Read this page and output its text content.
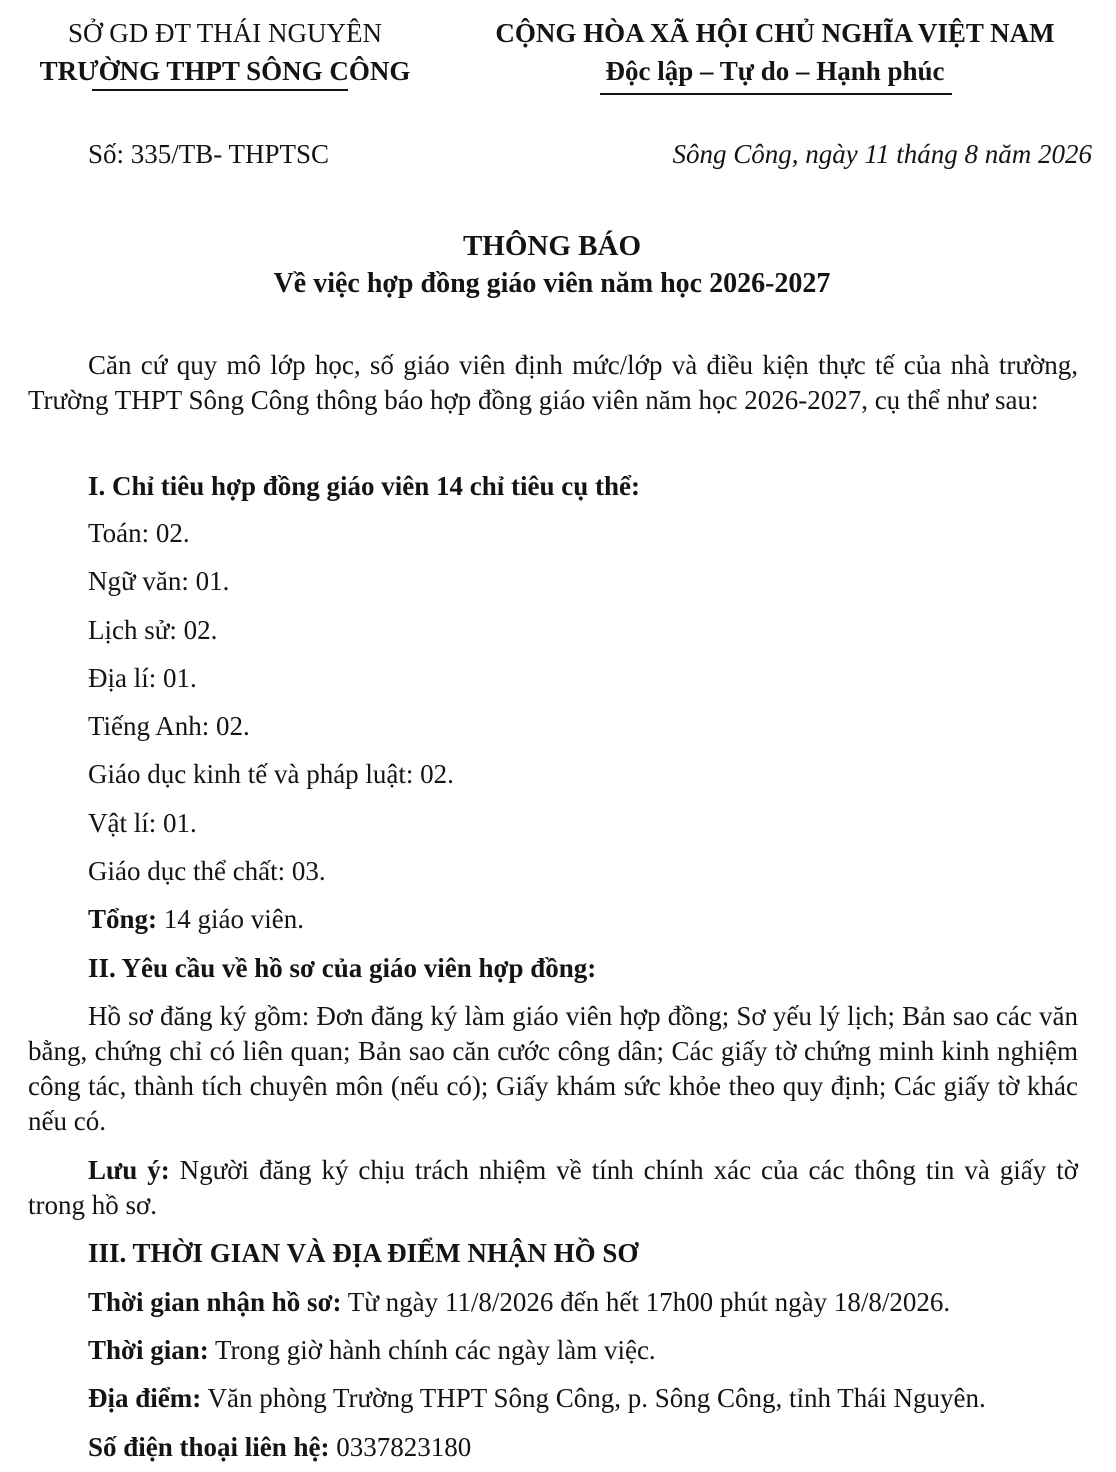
SỞ GD ĐT THÁI NGUYÊN
TRƯỜNG THPT SÔNG CÔNG
CỘNG HÒA XÃ HỘI CHỦ NGHĨA VIỆT NAM
Độc lập – Tự do – Hạnh phúc
Số: 335/TB- THPTSC	Sông Công, ngày 11 tháng 8 năm 2026
THÔNG BÁO
Về việc hợp đồng giáo viên năm học 2026-2027
Căn cứ quy mô lớp học, số giáo viên định mức/lớp và điều kiện thực tế của nhà trường, Trường THPT Sông Công thông báo hợp đồng giáo viên năm học 2026-2027, cụ thể như sau:
I. Chỉ tiêu hợp đồng giáo viên 14 chỉ tiêu cụ thể:
Toán: 02.
Ngữ văn: 01.
Lịch sử: 02.
Địa lí: 01.
Tiếng Anh: 02.
Giáo dục kinh tế và pháp luật: 02.
Vật lí: 01.
Giáo dục thể chất: 03.
Tổng: 14 giáo viên.
II. Yêu cầu về hồ sơ của giáo viên hợp đồng:
Hồ sơ đăng ký gồm: Đơn đăng ký làm giáo viên hợp đồng; Sơ yếu lý lịch; Bản sao các văn bằng, chứng chỉ có liên quan; Bản sao căn cước công dân; Các giấy tờ chứng minh kinh nghiệm công tác, thành tích chuyên môn (nếu có); Giấy khám sức khỏe theo quy định; Các giấy tờ khác nếu có.
Lưu ý: Người đăng ký chịu trách nhiệm về tính chính xác của các thông tin và giấy tờ trong hồ sơ.
III. THỜI GIAN VÀ ĐỊA ĐIỂM NHẬN HỒ SƠ
Thời gian nhận hồ sơ: Từ ngày 11/8/2026 đến hết 17h00 phút ngày 18/8/2026.
Thời gian: Trong giờ hành chính các ngày làm việc.
Địa điểm: Văn phòng Trường THPT Sông Công, p. Sông Công, tỉnh Thái Nguyên.
Số điện thoại liên hệ: 0337823180
